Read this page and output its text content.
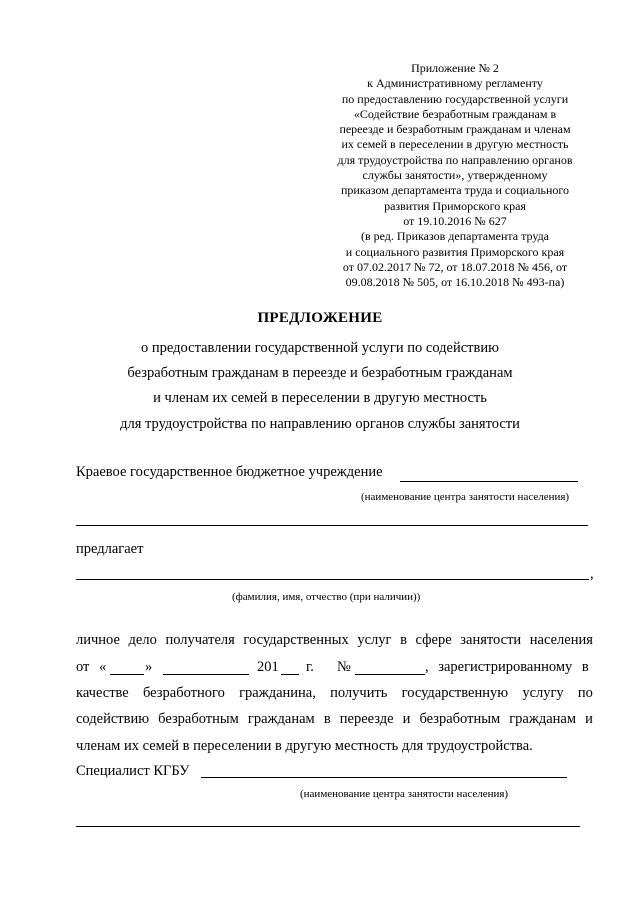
Приложение № 2
к Административному регламенту
по предоставлению государственной услуги
«Содействие безработным гражданам в
переезде и безработным гражданам и членам
их семей в переселении в другую местность
для трудоустройства по направлению органов
службы занятости», утвержденному
приказом департамента труда и социального
развития Приморского края
от 19.10.2016 № 627
(в ред. Приказов департамента труда
и социального развития Приморского края
от 07.02.2017 № 72, от 18.07.2018 № 456, от
09.08.2018 № 505, от 16.10.2018 № 493-па)
ПРЕДЛОЖЕНИЕ
о предоставлении государственной услуги по содействию
безработным гражданам в переезде и безработным гражданам
и членам их семей в переселении в другую местность
для трудоустройства по направлению органов службы занятости
Краевое государственное бюджетное учреждение
(наименование центра занятости населения)
предлагает
,
(фамилия, имя, отчество (при наличии))
личное дело получателя государственных услуг в сфере занятости населения
от «	»	201 г. №	, зарегистрированному в
качестве безработного гражданина, получить государственную услугу по
содействию безработным гражданам в переезде и безработным гражданам и
членам их семей в переселении в другую местность для трудоустройства.
Специалист КГБУ
(наименование центра занятости населения)
